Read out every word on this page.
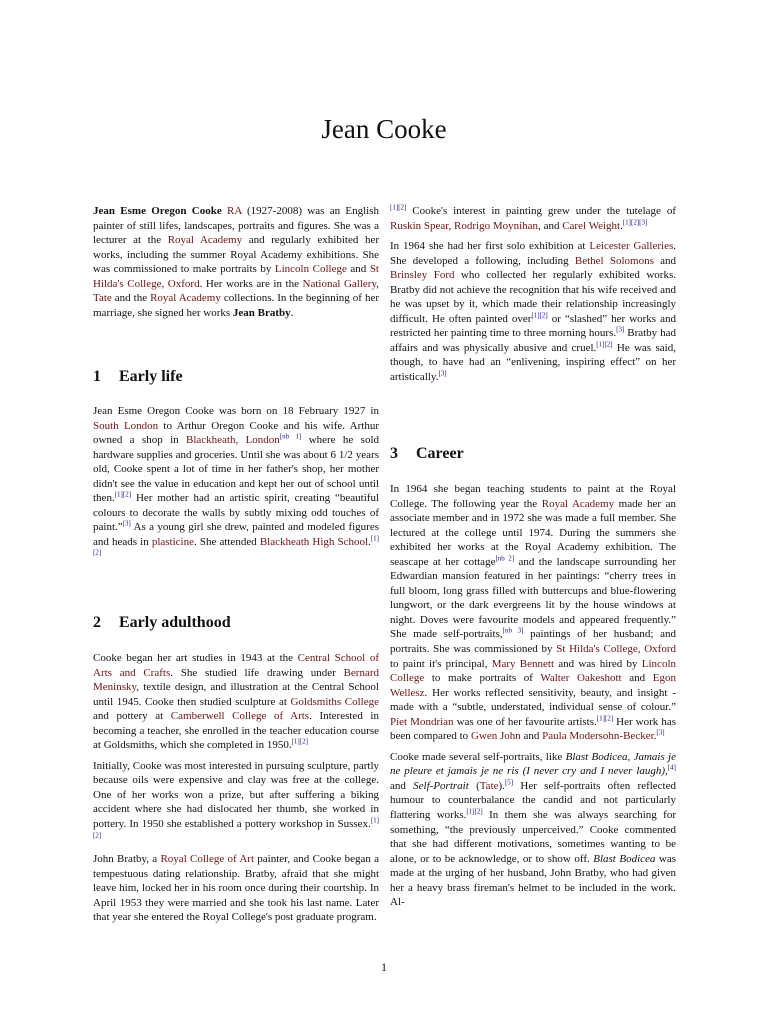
Jean Cooke

Jean Esme Oregon Cooke RA (1927-2008) was an English painter of still lifes, landscapes, portraits and figures. She was a lecturer at the Royal Academy and regularly exhibited her works, including the summer Royal Academy exhibitions. She was commissioned to make portraits by Lincoln College and St Hilda's College, Oxford. Her works are in the National Gallery, Tate and the Royal Academy collections. In the beginning of her marriage, she signed her works Jean Bratby.

1 Early life

Jean Esme Oregon Cooke was born on 18 February 1927 in South London to Arthur Oregon Cooke and his wife. Arthur owned a shop in Blackheath, London[nb 1] where he sold hardware supplies and groceries. Until she was about 6 1/2 years old, Cooke spent a lot of time in her father's shop, her mother didn't see the value in education and kept her out of school until then.[1][2] Her mother had an artistic spirit, creating “beautiful colours to decorate the walls by subtly mixing odd touches of paint.”[3] As a young girl she drew, painted and modeled figures and heads in plasticine. She attended Blackheath High School.[1][2]

2 Early adulthood

Cooke began her art studies in 1943 at the Central School of Arts and Crafts. She studied life drawing under Bernard Meninsky, textile design, and illustration at the Central School until 1945. Cooke then studied sculpture at Goldsmiths College and pottery at Camberwell College of Arts. Interested in becoming a teacher, she enrolled in the teacher education course at Goldsmiths, which she completed in 1950.[1][2]

Initially, Cooke was most interested in pursuing sculpture, partly because oils were expensive and clay was free at the college. One of her works won a prize, but after suffering a biking accident where she had dislocated her thumb, she worked in pottery. In 1950 she established a pottery workshop in Sussex.[1][2]

John Bratby, a Royal College of Art painter, and Cooke began a tempestuous dating relationship. Bratby, afraid that she might leave him, locked her in his room once during their courtship. In April 1953 they were married and she took his last name. Later that year she entered the Royal College's post graduate program.

[1][2] Cooke's interest in painting grew under the tutelage of Ruskin Spear, Rodrigo Moynihan, and Carel Weight.[1][2][3]

In 1964 she had her first solo exhibition at Leicester Galleries. She developed a following, including Bethel Solomons and Brinsley Ford who collected her regularly exhibited works. Bratby did not achieve the recognition that his wife received and he was upset by it, which made their relationship increasingly difficult. He often painted over[1][2] or “slashed” her works and restricted her painting time to three morning hours.[3] Bratby had affairs and was physically abusive and cruel.[1][2] He was said, though, to have had an “enlivening, inspiring effect” on her artistically.[3]

3 Career

In 1964 she began teaching students to paint at the Royal College. The following year the Royal Academy made her an associate member and in 1972 she was made a full member. She lectured at the college until 1974. During the summers she exhibited her works at the Royal Academy exhibition. The seascape at her cottage[nb 2] and the landscape surrounding her Edwardian mansion featured in her paintings: “cherry trees in full bloom, long grass filled with buttercups and blue-flowering lungwort, or the dark evergreens lit by the house windows at night. Doves were favourite models and appeared frequently.” She made self-portraits,[nb 3] paintings of her husband; and portraits. She was commissioned by St Hilda's College, Oxford to paint it's principal, Mary Bennett and was hired by Lincoln College to make portraits of Walter Oakeshott and Egon Wellesz. Her works reflected sensitivity, beauty, and insight - made with a “subtle, understated, individual sense of colour.” Piet Mondrian was one of her favourite artists.[1][2] Her work has been compared to Gwen John and Paula Modersohn-Becker.[3]

Cooke made several self-portraits, like Blast Bodicea, Jamais je ne pleure et jamais je ne ris (I never cry and I never laugh),[4] and Self-Portrait (Tate).[5] Her self-portraits often reflected humour to counterbalance the candid and not particularly flattering works.[1][2] In them she was always searching for something, “the previously unperceived.” Cooke commented that she had different motivations, sometimes wanting to be alone, or to be acknowledge, or to show off. Blast Bodicea was made at the urging of her husband, John Bratby, who had given her a heavy brass fireman's helmet to be included in the work. Al-

1
